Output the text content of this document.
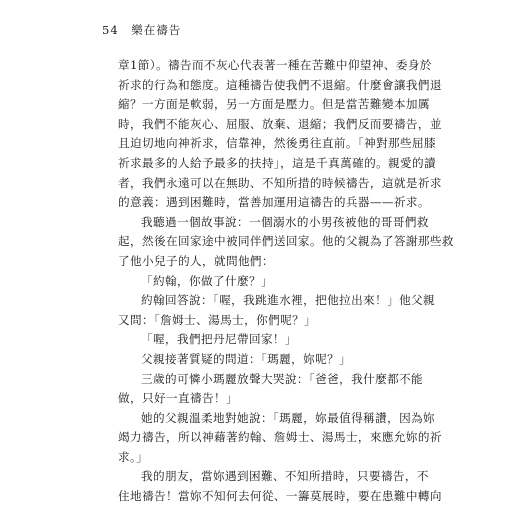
54 樂在禱告
章1節）。禱告而不灰心代表著一種在苦難中仰望神、委身於
祈求的行為和態度。這種禱告使我們不退縮。什麼會讓我們退
縮？一方面是軟弱，另一方面是壓力。但是當苦難變本加厲
時，我們不能灰心、屈服、放棄、退縮；我們反而要禱告，並
且迫切地向神祈求，信靠神，然後勇往直前。「神對那些屈膝
祈求最多的人給予最多的扶持」，這是千真萬確的。親愛的讀
者，我們永遠可以在無助、不知所措的時候禱告，這就是祈求
的意義：遇到困難時，當善加運用這禱告的兵器——祈求。
我聽過一個故事說：一個溺水的小男孩被他的哥哥們救
起，然後在回家途中被同伴們送回家。他的父親為了答謝那些救
了他小兒子的人，就問他們：
「約翰，你做了什麼？」
約翰回答說：「喔，我跳進水裡，把他拉出來！」他父親
又問：「詹姆士、湯馬士，你們呢？」
「喔，我們把丹尼帶回家！」
父親接著質疑的問道：「瑪麗，妳呢？」
三歲的可憐小瑪麗放聲大哭說：「爸爸，我什麼都不能
做，只好一直禱告！」
她的父親溫柔地對她說：「瑪麗，妳最值得稱讚，因為妳
竭力禱告，所以神藉著約翰、詹姆士、湯馬士，來應允妳的祈
求。」
我的朋友，當妳遇到困難、不知所措時，只要禱告，不
住地禱告！當妳不知何去何從、一籌莫展時，要在患難中轉向
